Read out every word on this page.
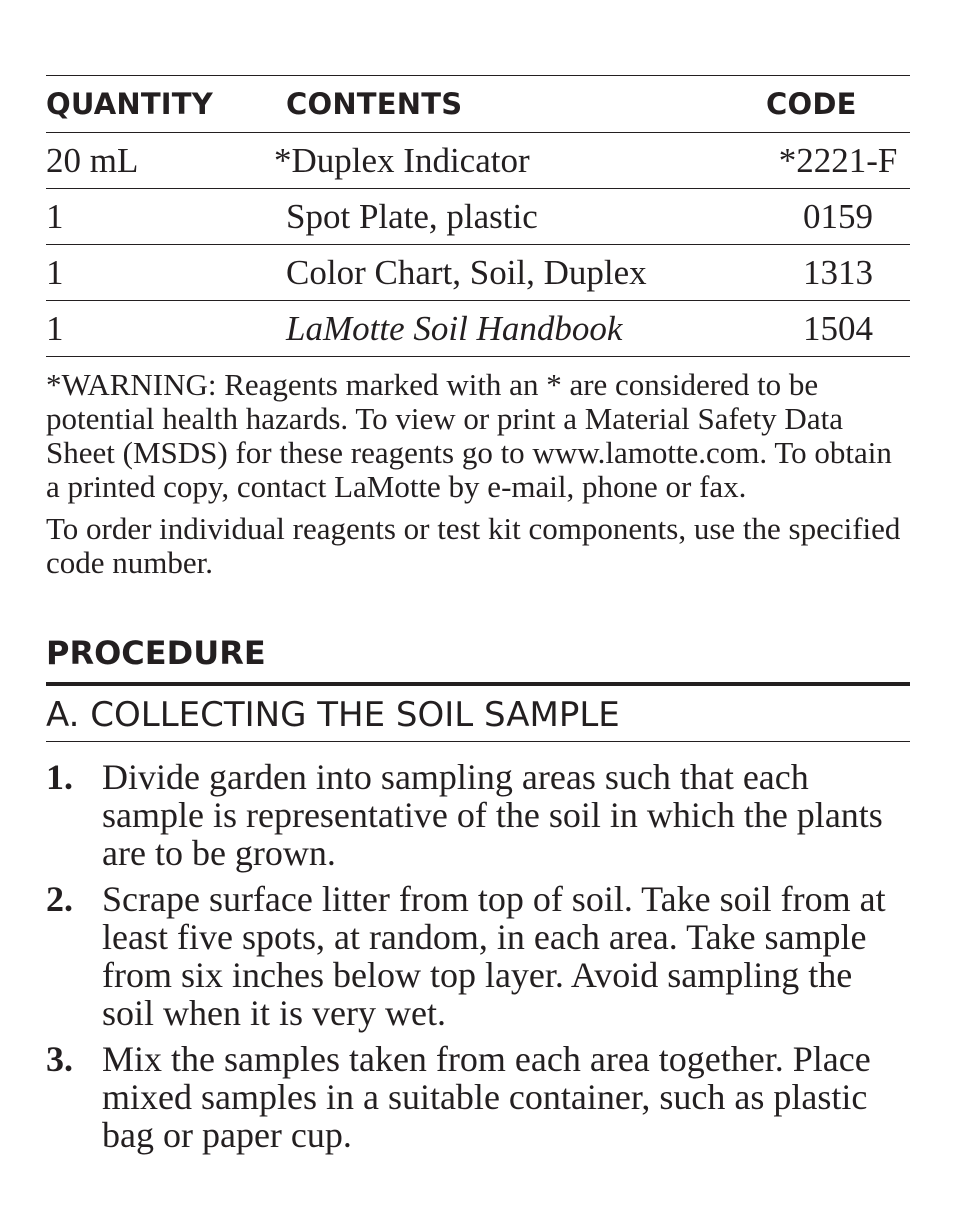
QUANTITY	CONTENTS	CODE
20 mL	*Duplex Indicator	*2221-F
1	Spot Plate, plastic	0159
1	Color Chart, Soil, Duplex	1313
1	LaMotte Soil Handbook	1504

*WARNING: Reagents marked with an * are considered to be potential health hazards. To view or print a Material Safety Data Sheet (MSDS) for these reagents go to www.lamotte.com. To obtain a printed copy, contact LaMotte by e-mail, phone or fax.

To order individual reagents or test kit components, use the specified code number.

PROCEDURE
A. COLLECTING THE SOIL SAMPLE
1. Divide garden into sampling areas such that each sample is representative of the soil in which the plants are to be grown.
2. Scrape surface litter from top of soil. Take soil from at least five spots, at random, in each area. Take sample from six inches below top layer. Avoid sampling the soil when it is very wet.
3. Mix the samples taken from each area together. Place mixed samples in a suitable container, such as plastic bag or paper cup.
